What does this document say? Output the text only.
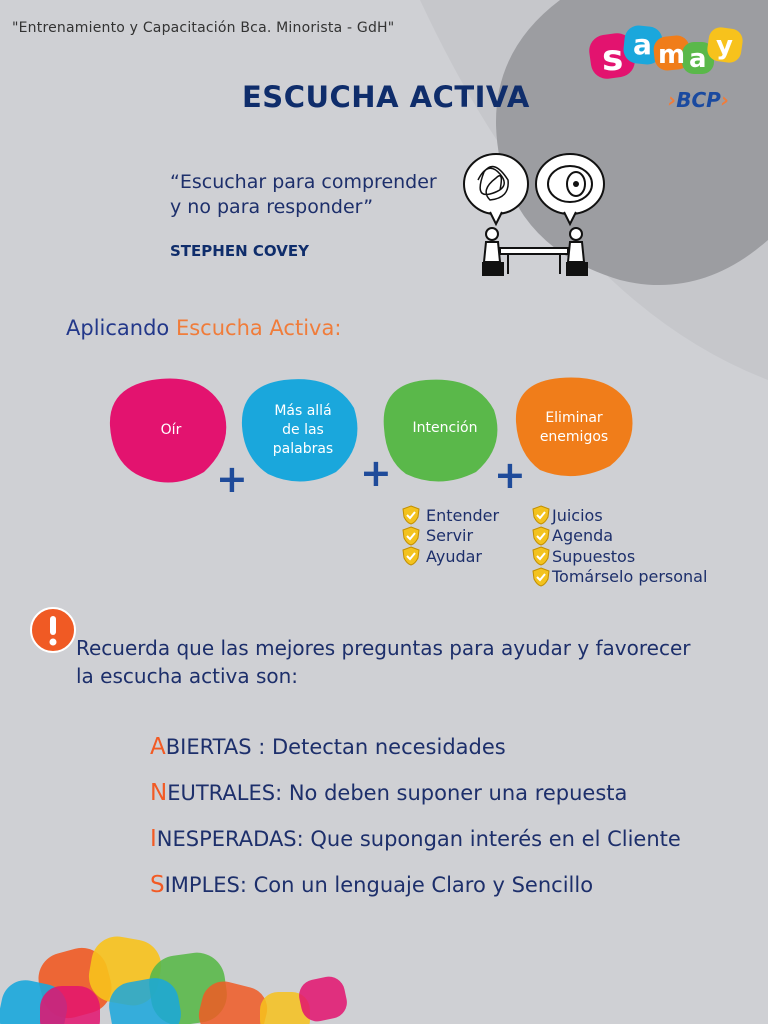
"Entrenamiento y Capacitación Bca. Minorista - GdH"
s a m a y
›BCP›
ESCUCHA ACTIVA
“Escuchar para comprender
y no para responder”
STEPHEN COVEY
Aplicando Escucha Activa:
Oír
Más allá
de las
palabras
Intención
Eliminar
enemigos
+	+	+
Entender
Servir
Ayudar
Juicios
Agenda
Supuestos
Tomárselo personal
Recuerda que las mejores preguntas para ayudar y favorecer
la escucha activa son:
ABIERTAS : Detectan necesidades
NEUTRALES: No deben suponer una repuesta
INESPERADAS: Que supongan interés en el Cliente
SIMPLES: Con un lenguaje Claro y Sencillo
